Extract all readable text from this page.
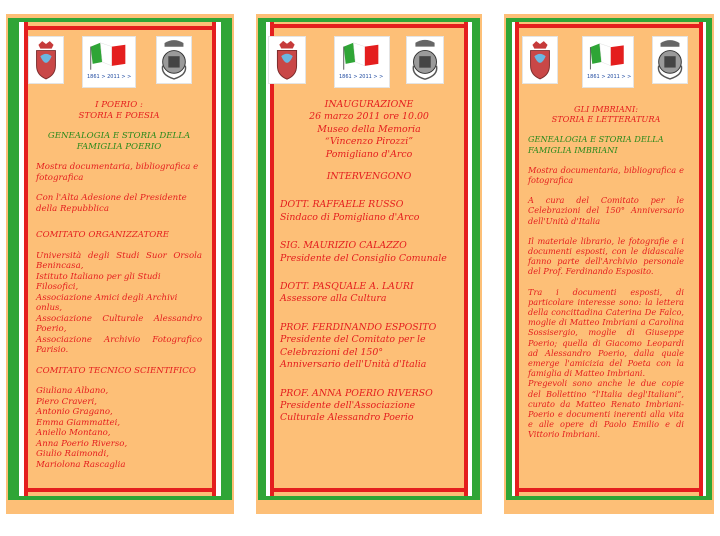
1861 > 2011 > >

I POERIO :

STORIA E POESIA

GENEALOGIA E STORIA DELLA

FAMIGLIA POERIO

Mostra documentaria, bibliografica e fotografica

Con l'Alta Adesione del Presidente della Repubblica

COMITATO ORGANIZZATORE

Università degli Studi Suor Orsola Benincasa,

Istituto Italiano per gli Studi Filosofici,

Associazione Amici degli Archivi onlus,

Associazione Culturale Alessandro Poerio,

Associazione Archivio Fotografico Parisio.

COMITATO TECNICO SCIENTIFICO

Giuliana Albano,

Piero Craveri,

Antonio Gragano,

Emma Giammattei,

Aniello Montano,

Anna Poerio Riverso,

Giulio Raimondi,

Mariolona Rascaglia

1861 > 2011 > >

INAUGURAZIONE

26 marzo 2011 ore 10.00

Museo della Memoria

“Vincenzo Pirozzi”

Pomigliano d'Arco

INTERVENGONO

DOTT. RAFFAELE RUSSO

Sindaco di Pomigliano d'Arco

SIG. MAURIZIO CALAZZO

Presidente del Consiglio Comunale

DOTT. PASQUALE A. LAURI

Assessore alla Cultura

PROF. FERDINANDO ESPOSITO

Presidente del Comitato per le Celebrazioni del 150° Anniversario dell'Unità d'Italia

PROF. ANNA POERIO RIVERSO

Presidente dell'Associazione Culturale Alessandro Poerio

1861 > 2011 > >

GLI IMBRIANI:

STORIA E LETTERATURA

GENEALOGIA E STORIA DELLA

FAMIGLIA IMBRIANI

Mostra documentaria, bibliografica e fotografica

A cura del Comitato per le Celebrazioni del 150° Anniversario dell'Unità d'Italia

Il materiale librario, le fotografie e i documenti esposti, con le didascalie fanno parte dell'Archivio personale del Prof. Ferdinando Esposito.

Tra i documenti esposti, di particolare interesse sono: la lettera della concittadina Caterina De Falco, moglie di Matteo Imbriani a Carolina Sossisergio, moglie di Giuseppe Poerio; quella di Giacomo Leopardi ad Alessandro Poerio, dalla quale emerge l'amicizia del Poeta con la famiglia di Matteo Imbriani.

Pregevoli sono anche le due copie del Bollettino “l'Italia degl'Italiani”, curato da Matteo Renato Imbriani-Poerio e documenti inerenti alla vita e alle opere di Paolo Emilio e di Vittorio Imbriani.
